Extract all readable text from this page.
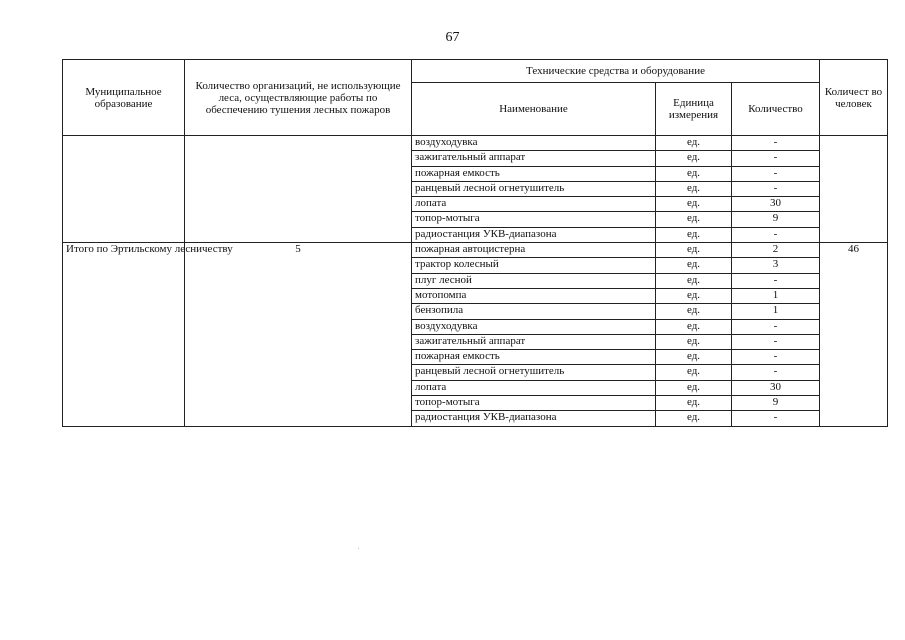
67
Муниципальное образование	Количество организаций, не использующие леса, осуществляющие работы по обеспечению тушения лесных пожаров	Технические средства и оборудование			Количест во человек
		Наименование	Единица измерения	Количество	
		воздуходувка	ед.	-	
		зажигательный аппарат	ед.	-	
		пожарная емкость	ед.	-	
		ранцевый лесной огнетушитель	ед.	-	
		лопата	ед.	30	
		топор-мотыга	ед.	9	
		радиостанция УКВ-диапазона	ед.	-	
Итого по Эртильскому лесничеству	5	пожарная автоцистерна	ед.	2	46
		трактор колесный	ед.	3	
		плуг лесной	ед.	-	
		мотопомпа	ед.	1	
		бензопила	ед.	1	
		воздуходувка	ед.	-	
		зажигательный аппарат	ед.	-	
		пожарная емкость	ед.	-	
		ранцевый лесной огнетушитель	ед.	-	
		лопата	ед.	30	
		топор-мотыга	ед.	9	
		радиостанция УКВ-диапазона	ед.	-	
